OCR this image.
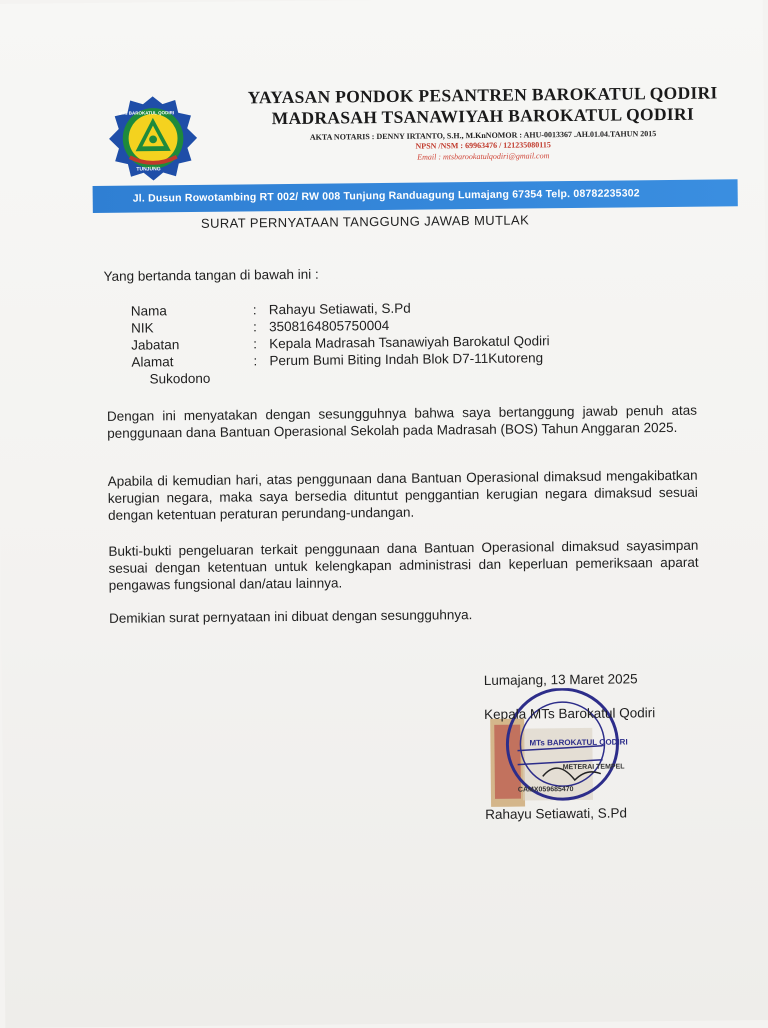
TUNJUNG
MTs BAROKATUL QODIRI
YAYASAN PONDOK PESANTREN BAROKATUL QODIRI
MADRASAH TSANAWIYAH BAROKATUL QODIRI
AKTA NOTARIS : DENNY IRTANTO, S.H., M.KnNOMOR : AHU-0013367 .AH.01.04.TAHUN 2015
NPSN /NSM : 69963476 / 121235080115
Email : mtsbarookatulqodiri@gmail.com
Jl. Dusun Rowotambing RT 002/ RW 008 Tunjung Randuagung Lumajang 67354 Telp. 08782235302
SURAT PERNYATAAN TANGGUNG JAWAB MUTLAK
Yang bertanda tangan di bawah ini :
Nama	: Rahayu Setiawati, S.Pd
NIK	: 3508164805750004
Jabatan	: Kepala Madrasah Tsanawiyah Barokatul Qodiri
Alamat	: Perum Bumi Biting Indah Blok D7-11Kutoreng
Sukodono
Dengan ini menyatakan dengan sesungguhnya bahwa saya bertanggung jawab penuh atas penggunaan dana Bantuan Operasional Sekolah pada Madrasah (BOS) Tahun Anggaran 2025.
Apabila di kemudian hari, atas penggunaan dana Bantuan Operasional dimaksud mengakibatkan kerugian negara, maka saya bersedia dituntut penggantian kerugian negara dimaksud sesuai dengan ketentuan peraturan perundang-undangan.
Bukti-bukti pengeluaran terkait penggunaan dana Bantuan Operasional dimaksud sayasimpan sesuai dengan ketentuan untuk kelengkapan administrasi dan keperluan pemeriksaan aparat pengawas fungsional dan/atau lainnya.
Demikian surat pernyataan ini dibuat dengan sesungguhnya.
Lumajang, 13 Maret 2025
MTs BAROKATUL QODIRI
METERAI TEMPEL
CAMX059685470
Kepala MTs Barokatul Qodiri
Rahayu Setiawati, S.Pd
